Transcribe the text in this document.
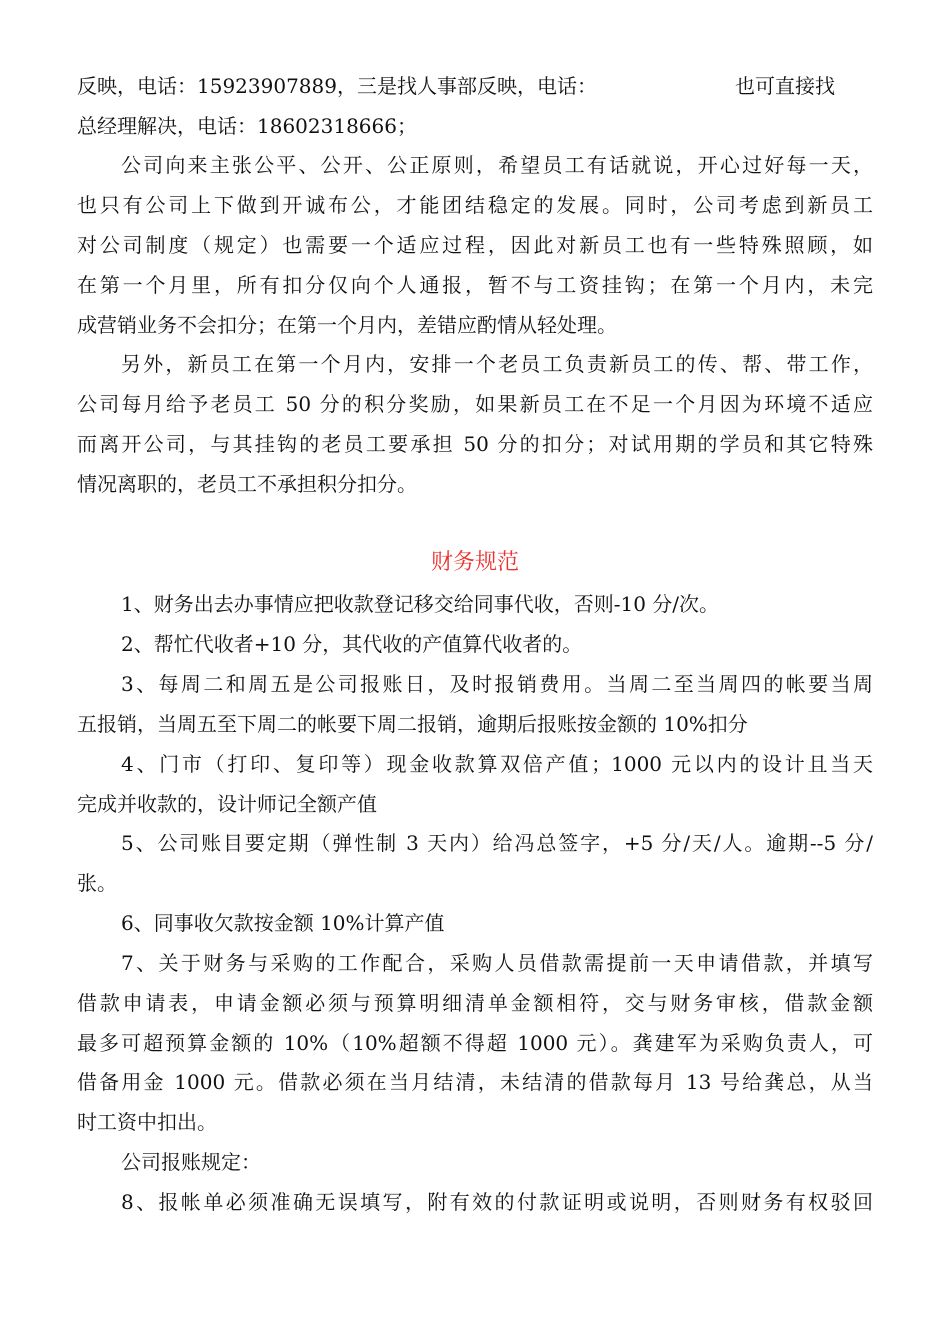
反映，电话：15923907889，三是找人事部反映，电话：	也可直接找
总经理解决，电话：18602318666；
公司向来主张公平、公开、公正原则，希望员工有话就说，开心过好每一天，
也只有公司上下做到开诚布公，才能团结稳定的发展。同时，公司考虑到新员工
对公司制度（规定）也需要一个适应过程，因此对新员工也有一些特殊照顾，如
在第一个月里，所有扣分仅向个人通报，暂不与工资挂钩；在第一个月内，未完
成营销业务不会扣分；在第一个月内，差错应酌情从轻处理。
另外，新员工在第一个月内，安排一个老员工负责新员工的传、帮、带工作，
公司每月给予老员工 50 分的积分奖励，如果新员工在不足一个月因为环境不适应
而离开公司，与其挂钩的老员工要承担 50 分的扣分；对试用期的学员和其它特殊
情况离职的，老员工不承担积分扣分。
财务规范
1、财务出去办事情应把收款登记移交给同事代收，否则-10 分/次。
2、帮忙代收者+10 分，其代收的产值算代收者的。
3、每周二和周五是公司报账日，及时报销费用。当周二至当周四的帐要当周
五报销，当周五至下周二的帐要下周二报销，逾期后报账按金额的 10%扣分
4、门市（打印、复印等）现金收款算双倍产值；1000 元以内的设计且当天
完成并收款的，设计师记全额产值
5、公司账目要定期（弹性制 3 天内）给冯总签字，+5 分/天/人。逾期--5 分/
张。
6、同事收欠款按金额 10%计算产值
7、关于财务与采购的工作配合，采购人员借款需提前一天申请借款，并填写
借款申请表，申请金额必须与预算明细清单金额相符，交与财务审核，借款金额
最多可超预算金额的 10%（10%超额不得超 1000 元）。龚建军为采购负责人，可
借备用金 1000 元。借款必须在当月结清，未结清的借款每月 13 号给龚总，从当
时工资中扣出。
公司报账规定：
8、报帐单必须准确无误填写，附有效的付款证明或说明，否则财务有权驳回
